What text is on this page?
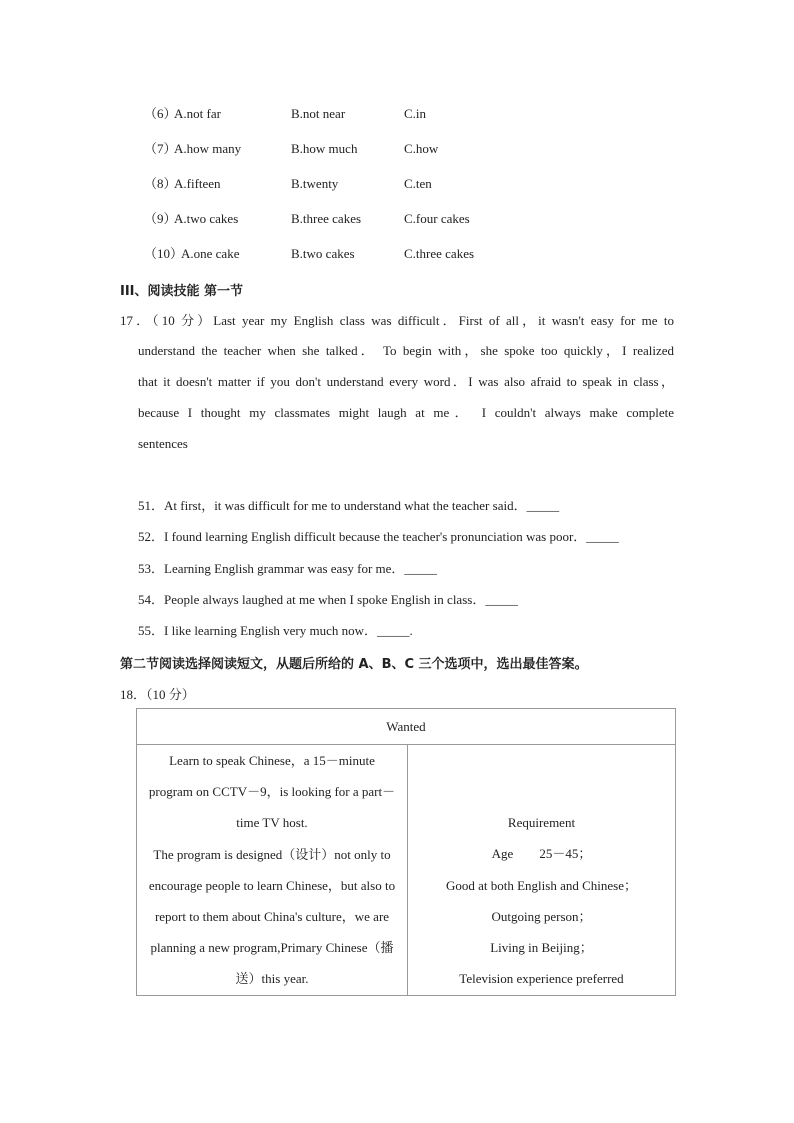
（6）
A.not far	B.not near	C.in
（7）
A.how many	B.how much	C.how
（8）
A.fifteen	B.twenty	C.ten
（9）
A.two cakes	B.three cakes	C.four cakes
（10）
A.one cake	B.two cakes	C.three cakes
III、阅读技能 第一节
17．（10 分）Last year my English class was difficult．First of all，it wasn't easy for me to
understand the teacher when she talked． To begin with，she spoke too quickly，I realized
that it doesn't matter if you don't understand every word．I was also afraid to speak in class，
because I thought my classmates might laugh at me． I couldn't always make complete
sentences
51．At first，it was difficult for me to understand what the teacher said．_____
52．I found learning English difficult because the teacher's pronunciation was poor．_____
53．Learning English grammar was easy for me．_____
54．People always laughed at me when I spoke English in class．_____
55．I like learning English very much now．_____.
第二节阅读选择阅读短文，从题后所给的 A、B、C 三个选项中，选出最佳答案。
18．（10 分）
Wanted

Learn to speak Chinese，a 15－minute
program on CCTV－9，is looking for a part－
time TV host.
The program is designed（设计）not only to
encourage people to learn Chinese，but also to
report to them about China's culture，we are
planning a new program,Primary Chinese（播
送）this year.

Requirement
Age　　25－45；
Good at both English and Chinese；
Outgoing person；
Living in Beijing；
Television experience preferred
